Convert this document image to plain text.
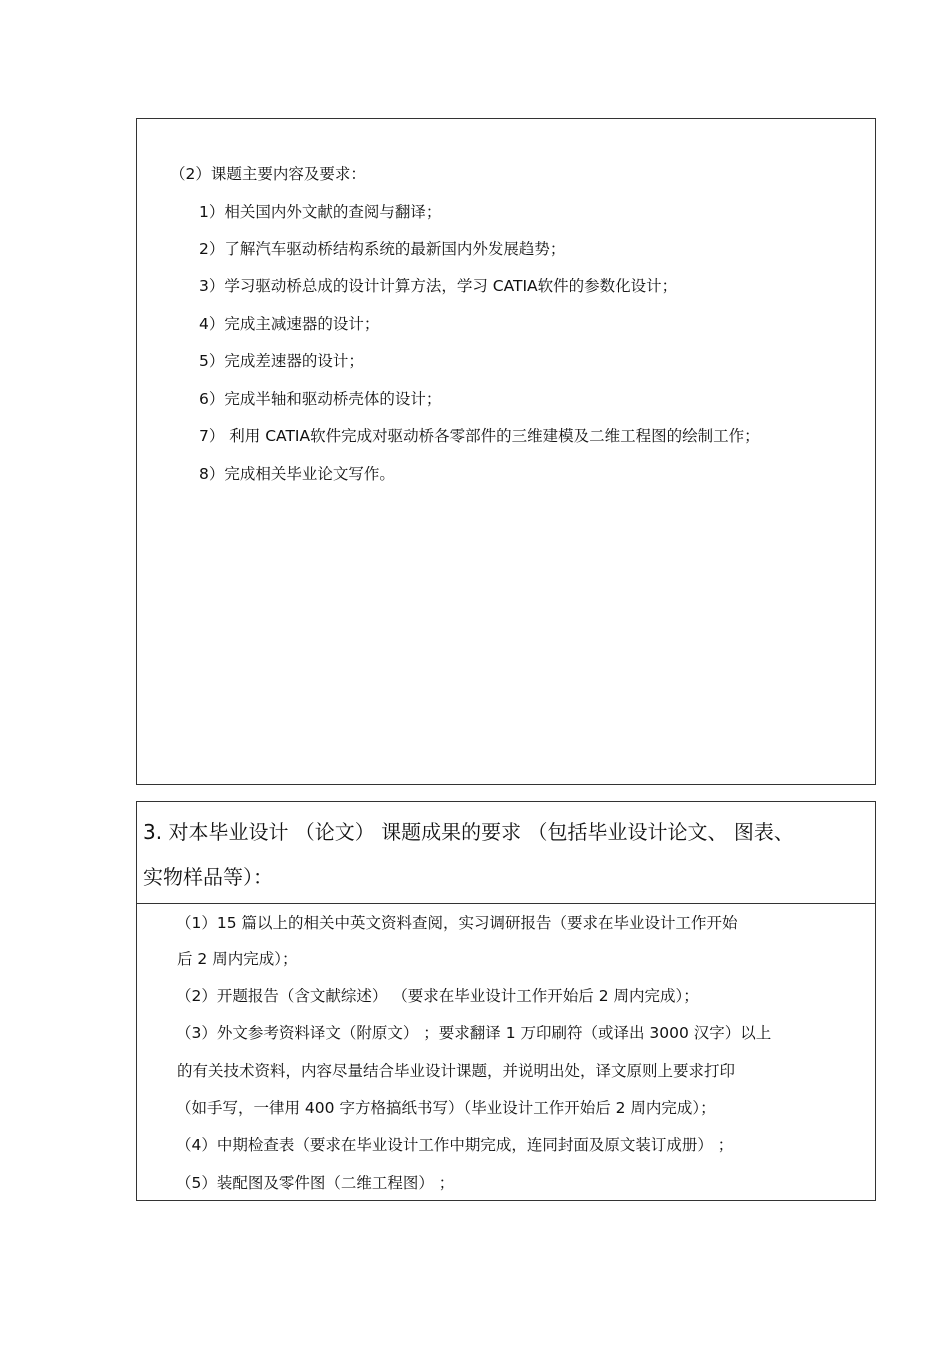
（2）课题主要内容及要求：
1）相关国内外文献的查阅与翻译；
2）了解汽车驱动桥结构系统的最新国内外发展趋势；
3）学习驱动桥总成的设计计算方法，学习 CATIA软件的参数化设计；
4）完成主减速器的设计；
5）完成差速器的设计；
6）完成半轴和驱动桥壳体的设计；
7） 利用 CATIA软件完成对驱动桥各零部件的三维建模及二维工程图的绘制工作；
8）完成相关毕业论文写作。
3. 对本毕业设计 （论文） 课题成果的要求 （包括毕业设计论文、 图表、
实物样品等）：
（1）15 篇以上的相关中英文资料查阅，实习调研报告（要求在毕业设计工作开始
后 2 周内完成）；
（2）开题报告（含文献综述） （要求在毕业设计工作开始后 2 周内完成）；
（3）外文参考资料译文（附原文） ；要求翻译 1 万印刷符（或译出 3000 汉字）以上
的有关技术资料，内容尽量结合毕业设计课题，并说明出处，译文原则上要求打印
（如手写，一律用 400 字方格搞纸书写）（毕业设计工作开始后 2 周内完成）；
（4）中期检查表（要求在毕业设计工作中期完成，连同封面及原文装订成册） ；
（5）装配图及零件图（二维工程图） ；
